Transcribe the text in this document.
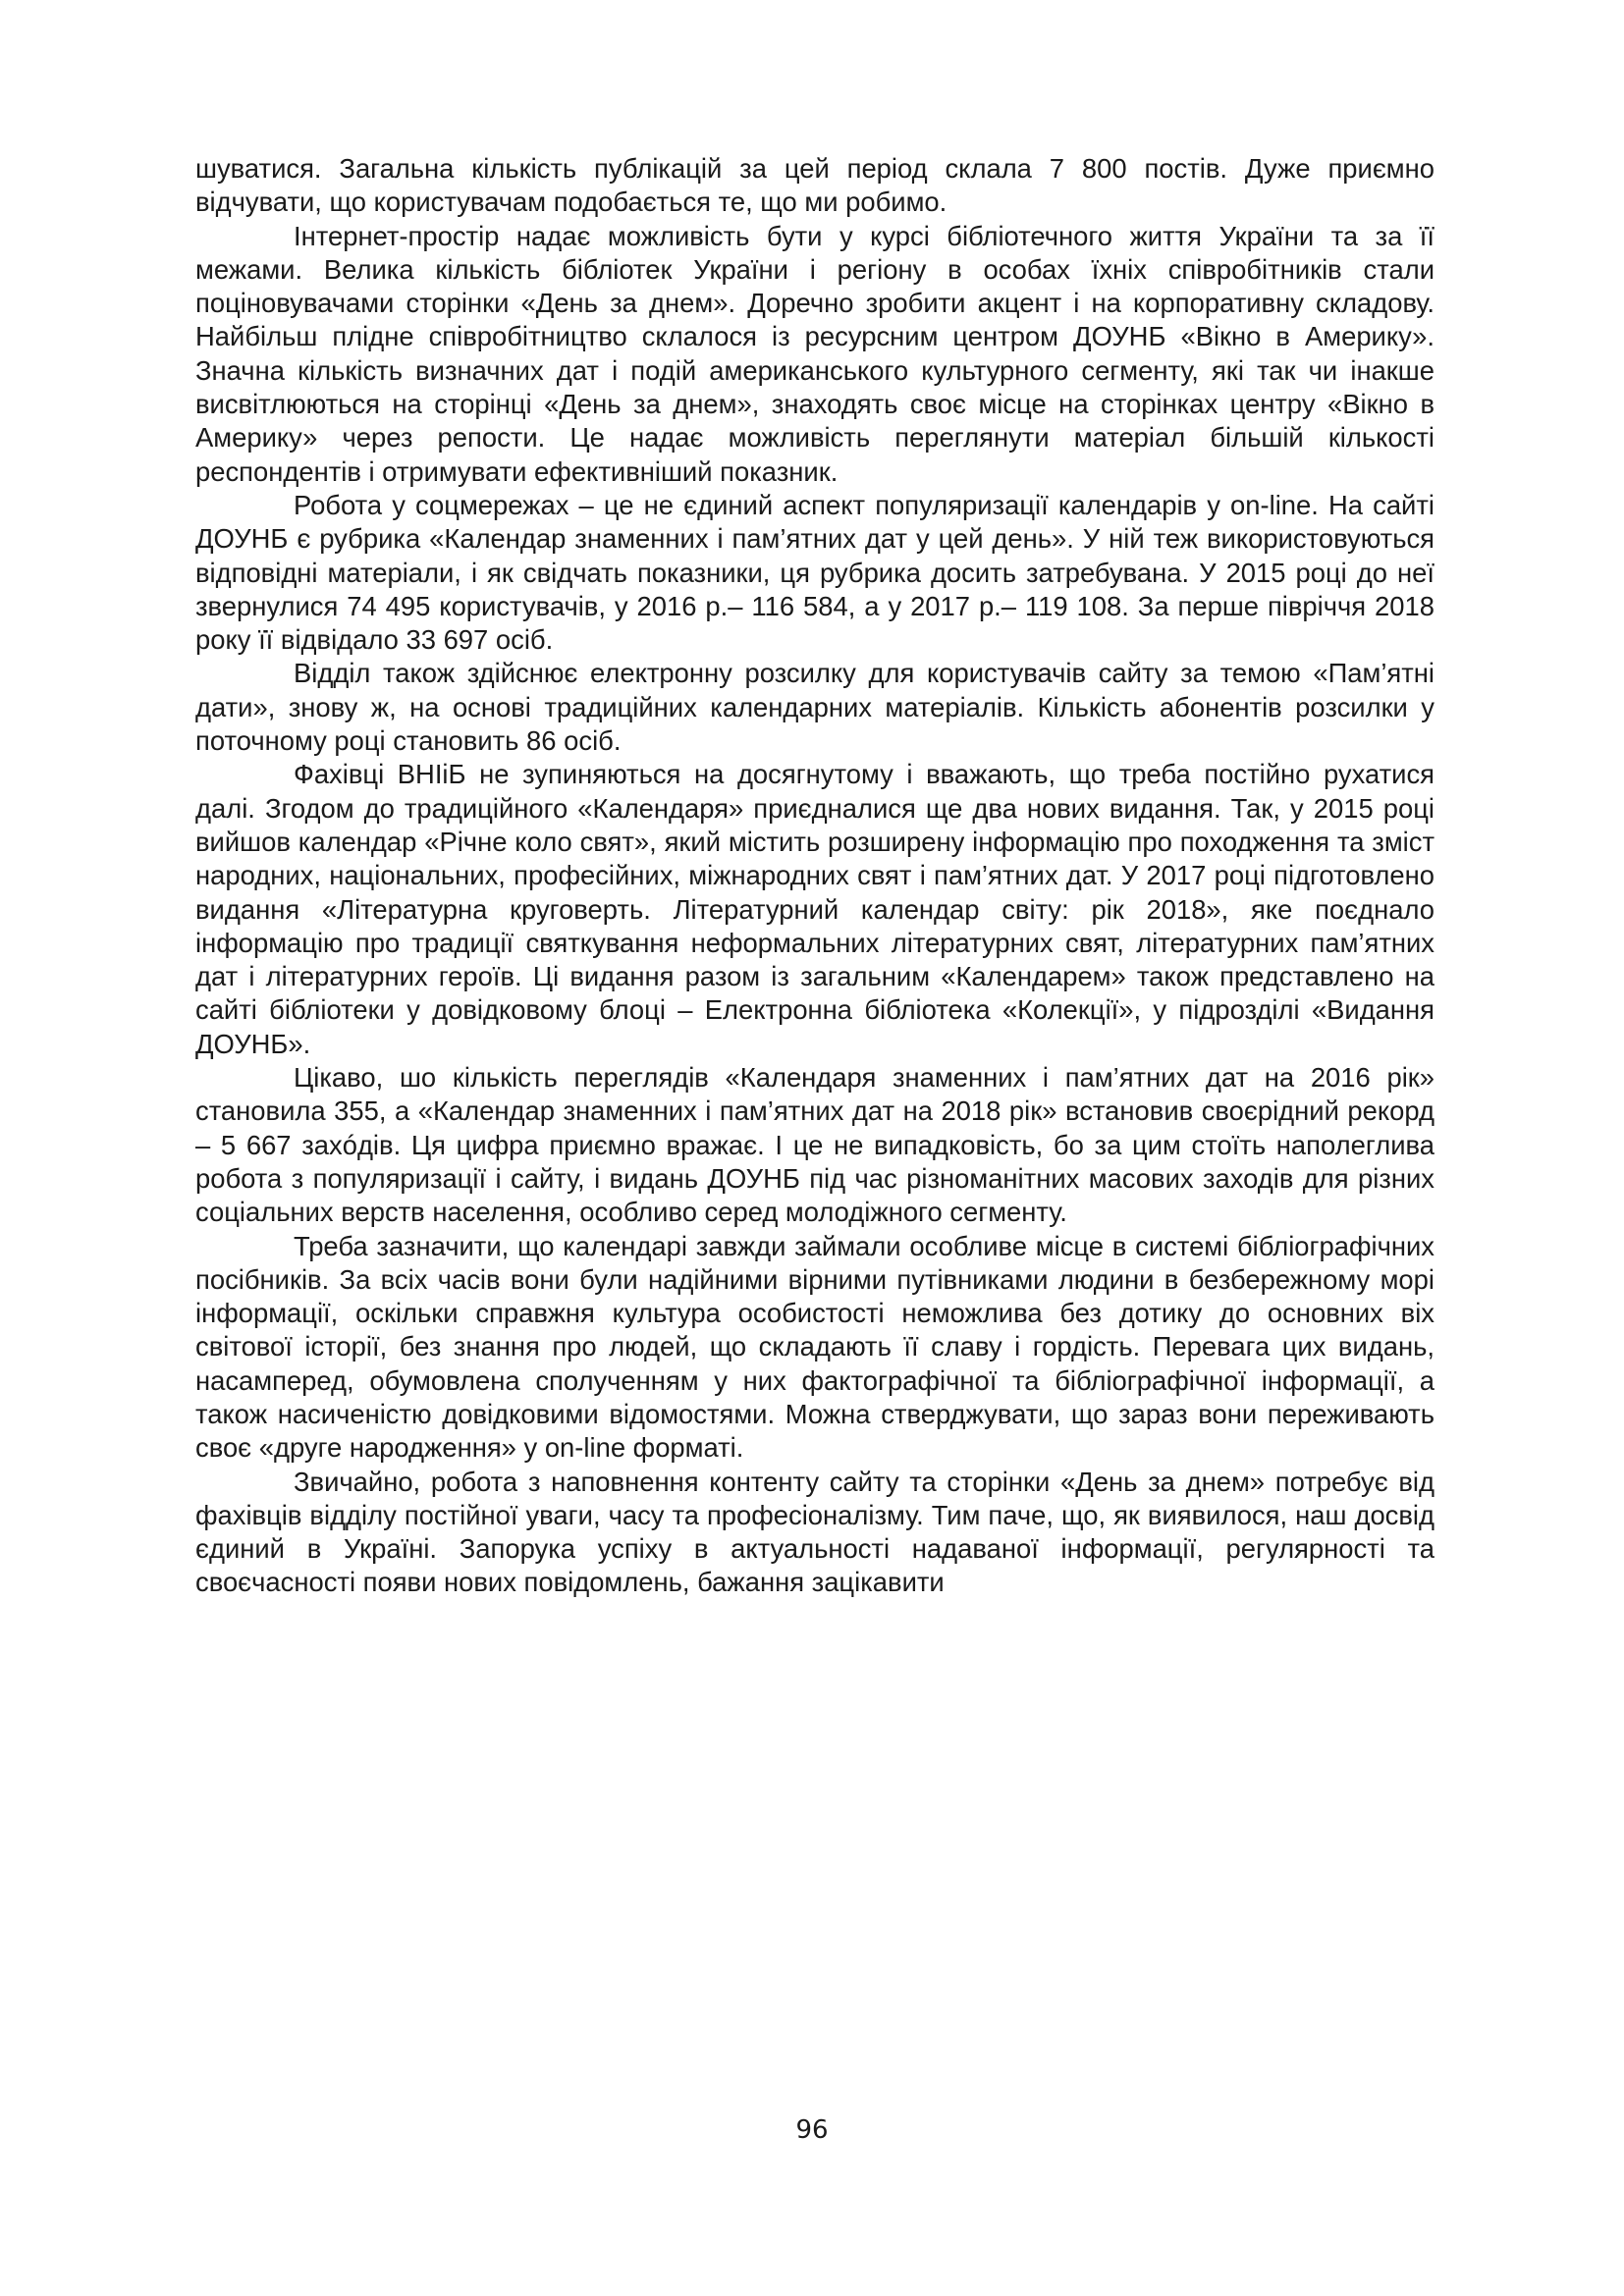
шуватися. Загальна кількість публікацій за цей період склала 7 800 постів. Дуже приємно відчувати, що користувачам подобається те, що ми робимо.

Інтернет-простір надає можливість бути у курсі бібліотечного життя України та за її межами. Велика кількість бібліотек України і регіону в особах їхніх співробітників стали поціновувачами сторінки «День за днем». Доречно зробити акцент і на корпоративну складову. Найбільш плідне співробітництво склалося із ресурсним центром ДОУНБ «Вікно в Америку». Значна кількість визначних дат і подій американського культурного сегменту, які так чи інакше висвітлюються на сторінці «День за днем», знаходять своє місце на сторінках центру «Вікно в Америку» через репости. Це надає можливість переглянути матеріал більшій кількості респондентів і отримувати ефективніший показник.

Робота у соцмережах – це не єдиний аспект популяризації календарів у on-line. На сайті ДОУНБ є рубрика «Календар знаменних і пам’ятних дат у цей день». У ній теж використовуються відповідні матеріали, і як свідчать показники, ця рубрика досить затребувана. У 2015 році до неї звернулися 74 495 користувачів, у 2016 р.– 116 584, а у 2017 р.– 119 108. За перше півріччя 2018 року її відвідало 33 697 осіб.

Відділ також здійснює електронну розсилку для користувачів сайту за темою «Пам’ятні дати», знову ж, на основі традиційних календарних матеріалів. Кількість абонентів розсилки у поточному році становить 86 осіб.

Фахівці ВНІіБ не зупиняються на досягнутому і вважають, що треба постійно рухатися далі. Згодом до традиційного «Календаря» приєдналися ще два нових видання. Так, у 2015 році вийшов календар «Річне коло свят», який містить розширену інформацію про походження та зміст народних, національних, професійних, міжнародних свят і пам’ятних дат. У 2017 році підготовлено видання «Літературна круговерть. Літературний календар світу: рік 2018», яке поєднало інформацію про традиції святкування неформальних літературних свят, літературних пам’ятних дат і літературних героїв. Ці видання разом із загальним «Календарем» також представлено на сайті бібліотеки у довідковому блоці – Електронна бібліотека «Колекції», у підрозділі «Видання ДОУНБ».

Цікаво, шо кількість переглядів «Календаря знаменних і пам’ятних дат на 2016 рік» становила 355, а «Календар знаменних і пам’ятних дат на 2018 рік» встановив своєрідний рекорд – 5 667 захóдів. Ця цифра приємно вражає. І це не випадковість, бо за цим стоїть наполеглива робота з популяризації і сайту, і видань ДОУНБ під час різноманітних масових заходів для різних соціальних верств населення, особливо серед молодіжного сегменту.

Треба зазначити, що календарі завжди займали особливе місце в системі бібліографічних посібників. За всіх часів вони були надійними вірними путівниками людини в безбережному морі інформації, оскільки справжня культура особистості неможлива без дотику до основних віх світової історії, без знання про людей, що складають її славу і гордість. Перевага цих видань, насамперед, обумовлена сполученням у них фактографічної та бібліографічної інформації, а також насиченістю довідковими відомостями. Можна стверджувати, що зараз вони переживають своє «друге народження» у on-line форматі.

Звичайно, робота з наповнення контенту сайту та сторінки «День за днем» потребує від фахівців відділу постійної уваги, часу та професіоналізму. Тим паче, що, як виявилося, наш досвід єдиний в Україні. Запорука успіху в актуальності надаваної інформації, регулярності та своєчасності появи нових повідомлень, бажання зацікавити

96
